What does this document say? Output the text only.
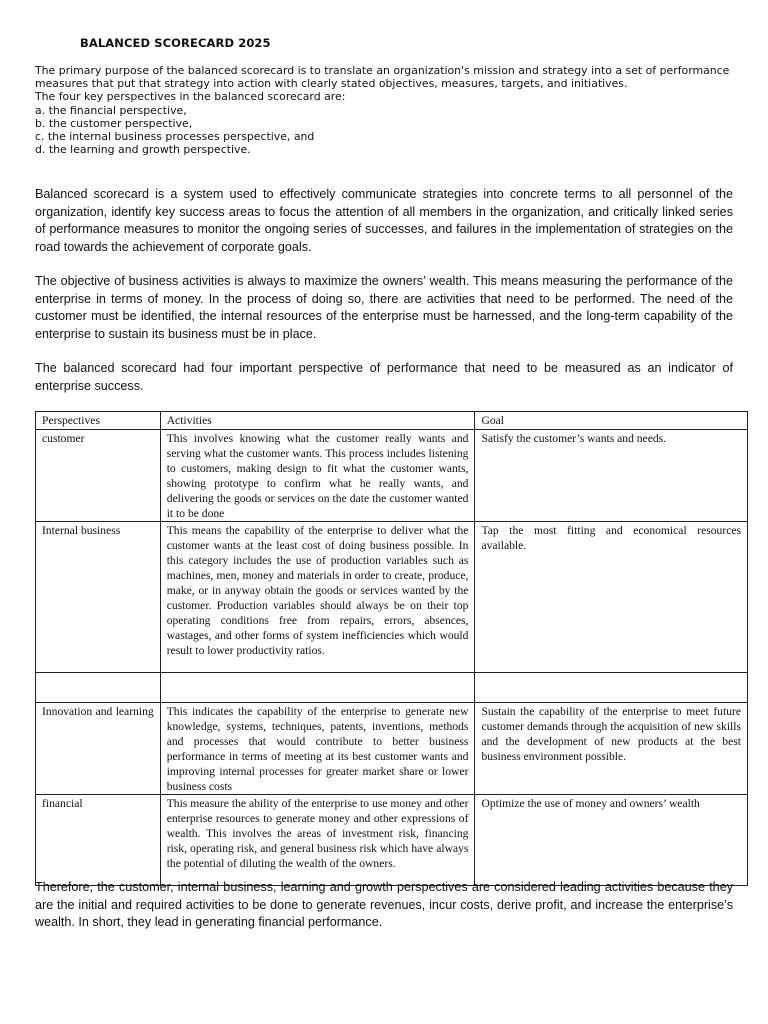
BALANCED SCORECARD 2025

The primary purpose of the balanced scorecard is to translate an organization's mission and strategy into a set of performance measures that put that strategy into action with clearly stated objectives, measures, targets, and initiatives.

The four key perspectives in the balanced scorecard are:

a. the financial perspective,

b. the customer perspective,

c. the internal business processes perspective, and

d. the learning and growth perspective.

Balanced scorecard is a system used to effectively communicate strategies into concrete terms to all personnel of the organization, identify key success areas to focus the attention of all members in the organization, and critically linked series of performance measures to monitor the ongoing series of successes, and failures in the implementation of strategies on the road towards the achievement of corporate goals.

The objective of business activities is always to maximize the owners’ wealth. This means measuring the performance of the enterprise in terms of money. In the process of doing so, there are activities that need to be performed. The need of the customer must be identified, the internal resources of the enterprise must be harnessed, and the long-term capability of the enterprise to sustain its business must be in place.

The balanced scorecard had four important perspective of performance that need to be measured as an indicator of enterprise success.

Perspectives	Activities	Goal
customer	This involves knowing what the customer really wants and serving what the customer wants. This process includes listening to customers, making design to fit what the customer wants, showing prototype to confirm what he really wants, and delivering the goods or services on the date the customer wanted it to be done	Satisfy the customer’s wants and needs.
Internal business	This means the capability of the enterprise to deliver what the customer wants at the least cost of doing business possible. In this category includes the use of production variables such as machines, men, money and materials in order to create, produce, make, or in anyway obtain the goods or services wanted by the customer. Production variables should always be on their top operating conditions free from repairs, errors, absences, wastages, and other forms of system inefficiencies which would result to lower productivity ratios.	Tap the most fitting and economical resources available.

Innovation and learning	This indicates the capability of the enterprise to generate new knowledge, systems, techniques, patents, inventions, methods and processes that would contribute to better business performance in terms of meeting at its best customer wants and improving internal processes for greater market share or lower business costs	Sustain the capability of the enterprise to meet future customer demands through the acquisition of new skills and the development of new products at the best business environment possible.
financial	This measure the ability of the enterprise to use money and other enterprise resources to generate money and other expressions of wealth. This involves the areas of investment risk, financing risk, operating risk, and general business risk which have always the potential of diluting the wealth of the owners.	Optimize the use of money and owners’ wealth

Therefore, the customer, internal business, learning and growth perspectives are considered leading activities because they are the initial and required activities to be done to generate revenues, incur costs, derive profit, and increase the enterprise’s wealth. In short, they lead in generating financial performance.
